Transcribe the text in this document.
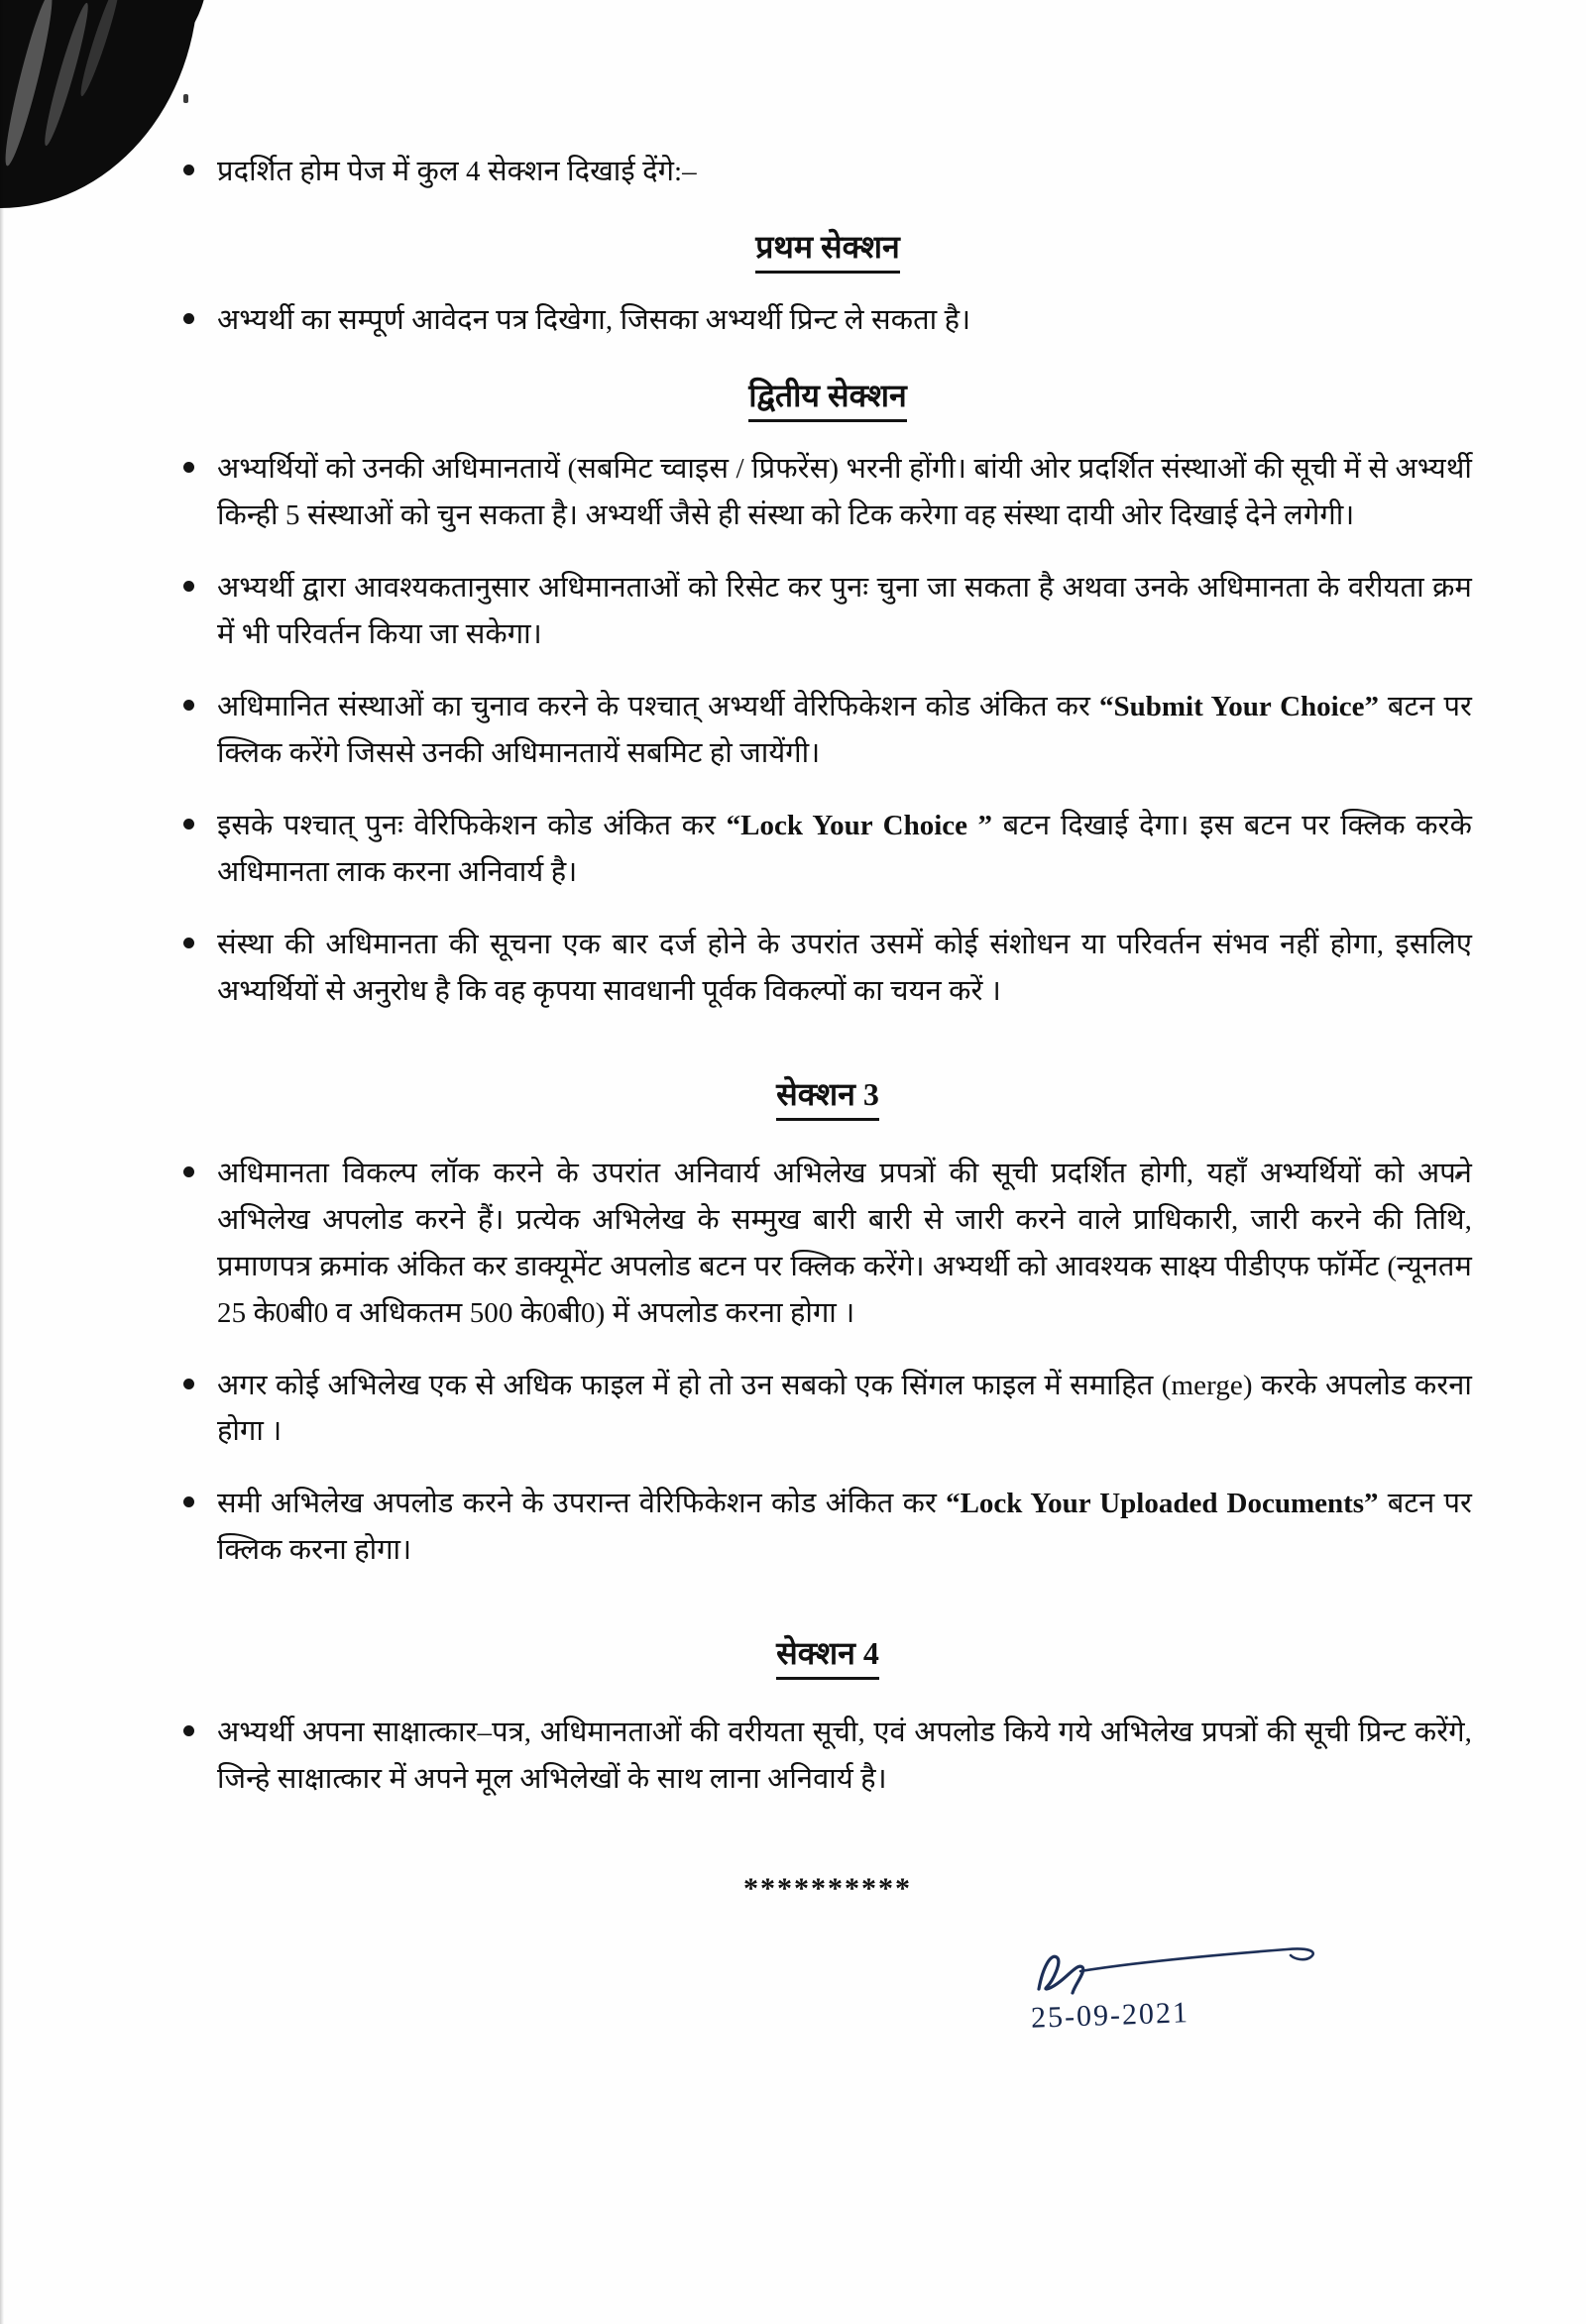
प्रदर्शित होम पेज में कुल 4 सेक्शन दिखाई देंगे:–
प्रथम सेक्शन
अभ्यर्थी का सम्पूर्ण आवेदन पत्र दिखेगा, जिसका अभ्यर्थी प्रिन्ट ले सकता है।
द्वितीय सेक्शन
अभ्यर्थियों को उनकी अधिमानतायें (सबमिट च्वाइस / प्रिफरेंस) भरनी होंगी। बांयी ओर प्रदर्शित संस्थाओं की सूची में से अभ्यर्थी किन्ही 5 संस्थाओं को चुन सकता है। अभ्यर्थी जैसे ही संस्था को टिक करेगा वह संस्था दायी ओर दिखाई देने लगेगी।
अभ्यर्थी द्वारा आवश्यकतानुसार अधिमानताओं को रिसेट कर पुनः चुना जा सकता है अथवा उनके अधिमानता के वरीयता क्रम में भी परिवर्तन किया जा सकेगा।
अधिमानित संस्थाओं का चुनाव करने के पश्चात् अभ्यर्थी वेरिफिकेशन कोड अंकित कर “Submit Your Choice” बटन पर क्लिक करेंगे जिससे उनकी अधिमानतायें सबमिट हो जायेंगी।
इसके पश्चात् पुनः वेरिफिकेशन कोड अंकित कर “Lock Your Choice ” बटन दिखाई देगा। इस बटन पर क्लिक करके अधिमानता लाक करना अनिवार्य है।
संस्था की अधिमानता की सूचना एक बार दर्ज होने के उपरांत उसमें कोई संशोधन या परिवर्तन संभव नहीं होगा, इसलिए अभ्यर्थियों से अनुरोध है कि वह कृपया सावधानी पूर्वक विकल्पों का चयन करें ।
सेक्शन 3
अधिमानता विकल्प लॉक करने के उपरांत अनिवार्य अभिलेख प्रपत्रों की सूची प्रदर्शित होगी, यहाँ अभ्यर्थियों को अपने अभिलेख अपलोड करने हैं। प्रत्येक अभिलेख के सम्मुख बारी बारी से जारी करने वाले प्राधिकारी, जारी करने की तिथि, प्रमाणपत्र क्रमांक अंकित कर डाक्यूमेंट अपलोड बटन पर क्लिक करेंगे। अभ्यर्थी को आवश्यक साक्ष्य पीडीएफ फॉर्मेट (न्यूनतम 25 के0बी0 व अधिकतम 500 के0बी0) में अपलोड करना होगा ।
अगर कोई अभिलेख एक से अधिक फाइल में हो तो उन सबको एक सिंगल फाइल में समाहित (merge) करके अपलोड करना होगा ।
समी अभिलेख अपलोड करने के उपरान्त वेरिफिकेशन कोड अंकित कर “Lock Your Uploaded Documents” बटन पर क्लिक करना होगा।
सेक्शन 4
अभ्यर्थी अपना साक्षात्कार–पत्र, अधिमानताओं की वरीयता सूची, एवं अपलोड किये गये अभिलेख प्रपत्रों की सूची प्रिन्ट करेंगे, जिन्हे साक्षात्कार में अपने मूल अभिलेखों के साथ लाना अनिवार्य है।
**********
25-09-2021
